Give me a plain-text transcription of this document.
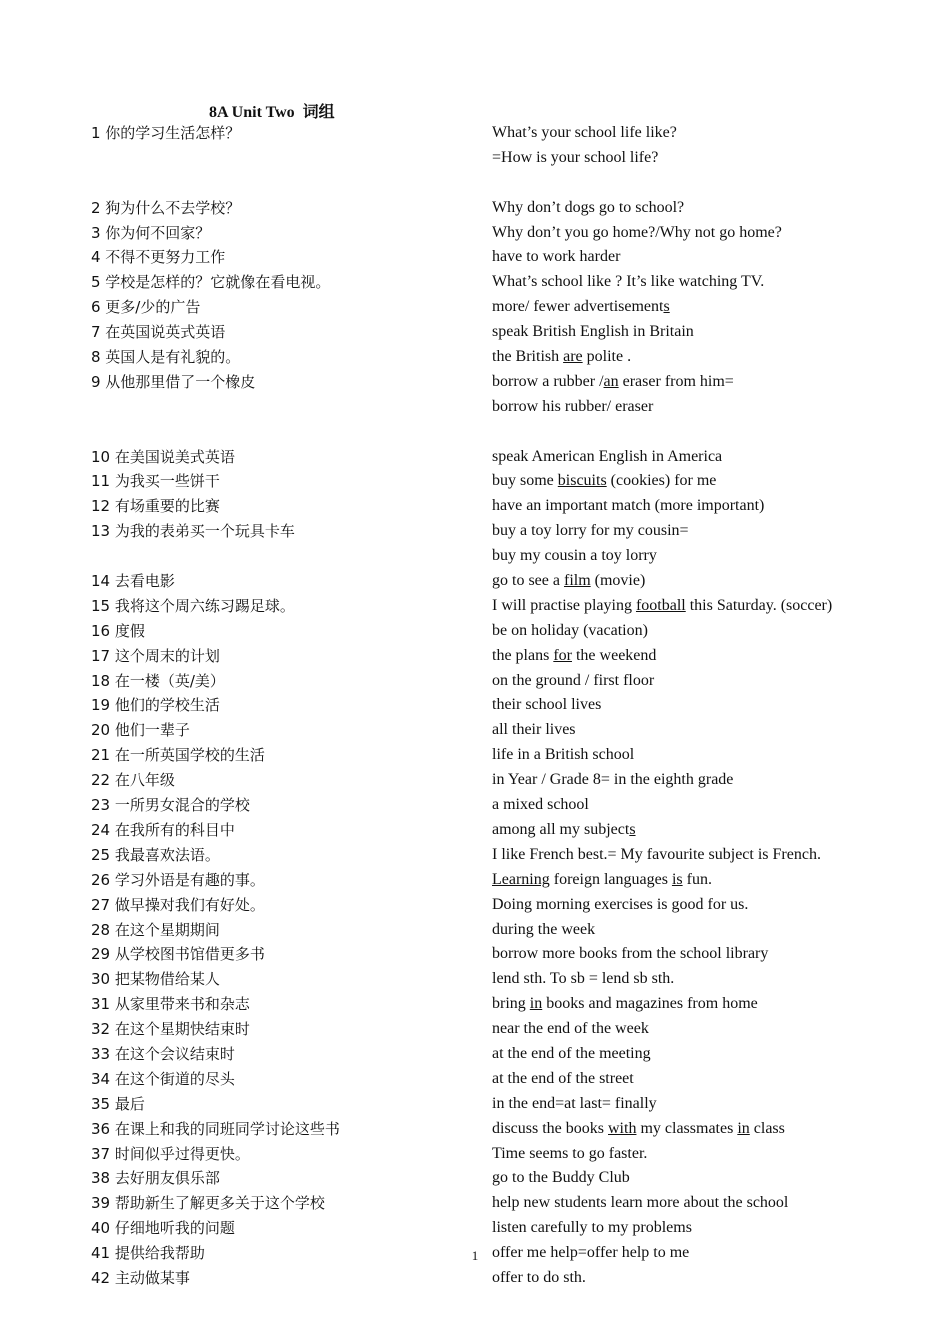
8A Unit Two  词组
1 你的学习生活怎样？	What’s your school life like?
=How is your school life?
2 狗为什么不去学校？	Why don’t dogs go to school?
3 你为何不回家？	Why don’t you go home?/Why not go home?
4 不得不更努力工作	have to work harder
5 学校是怎样的？它就像在看电视。	What’s school like ? It’s like watching TV.
6 更多/少的广告	more/ fewer advertisements
7 在英国说英式英语	speak British English in Britain
8 英国人是有礼貌的。	the British are polite .
9 从他那里借了一个橡皮	borrow a rubber /an eraser from him=
borrow his rubber/ eraser
10 在美国说美式英语	speak American English in America
11 为我买一些饼干	buy some biscuits (cookies) for me
12 有场重要的比赛	have an important match (more important)
13 为我的表弟买一个玩具卡车	buy a toy lorry for my cousin=
buy my cousin a toy lorry
14 去看电影	go to see a film (movie)
15 我将这个周六练习踢足球。	I will practise playing football this Saturday. (soccer)
16 度假	be on holiday (vacation)
17 这个周末的计划	the plans for the weekend
18 在一楼（英/美）	on the ground / first floor
19 他们的学校生活	their school lives
20 他们一辈子	all their lives
21 在一所英国学校的生活	life in a British school
22 在八年级	in Year / Grade 8= in the eighth grade
23 一所男女混合的学校	a mixed school
24 在我所有的科目中	among all my subjects
25 我最喜欢法语。	I like French best.= My favourite subject is French.
26 学习外语是有趣的事。	Learning foreign languages is fun.
27 做早操对我们有好处。	Doing morning exercises is good for us.
28 在这个星期期间	during the week
29 从学校图书馆借更多书	borrow more books from the school library
30 把某物借给某人	lend sth. To sb = lend sb sth.
31 从家里带来书和杂志	bring in books and magazines from home
32 在这个星期快结束时	near the end of the week
33 在这个会议结束时	at the end of the meeting
34 在这个街道的尽头	at the end of the street
35 最后	in the end=at last= finally
36 在课上和我的同班同学讨论这些书	discuss the books with my classmates in class
37 时间似乎过得更快。	Time seems to go faster.
38 去好朋友俱乐部	go to the Buddy Club
39 帮助新生了解更多关于这个学校	help new students learn more about the school
40 仔细地听我的问题	listen carefully to my problems
41 提供给我帮助	offer me help=offer help to me
42 主动做某事	offer to do sth.
1
